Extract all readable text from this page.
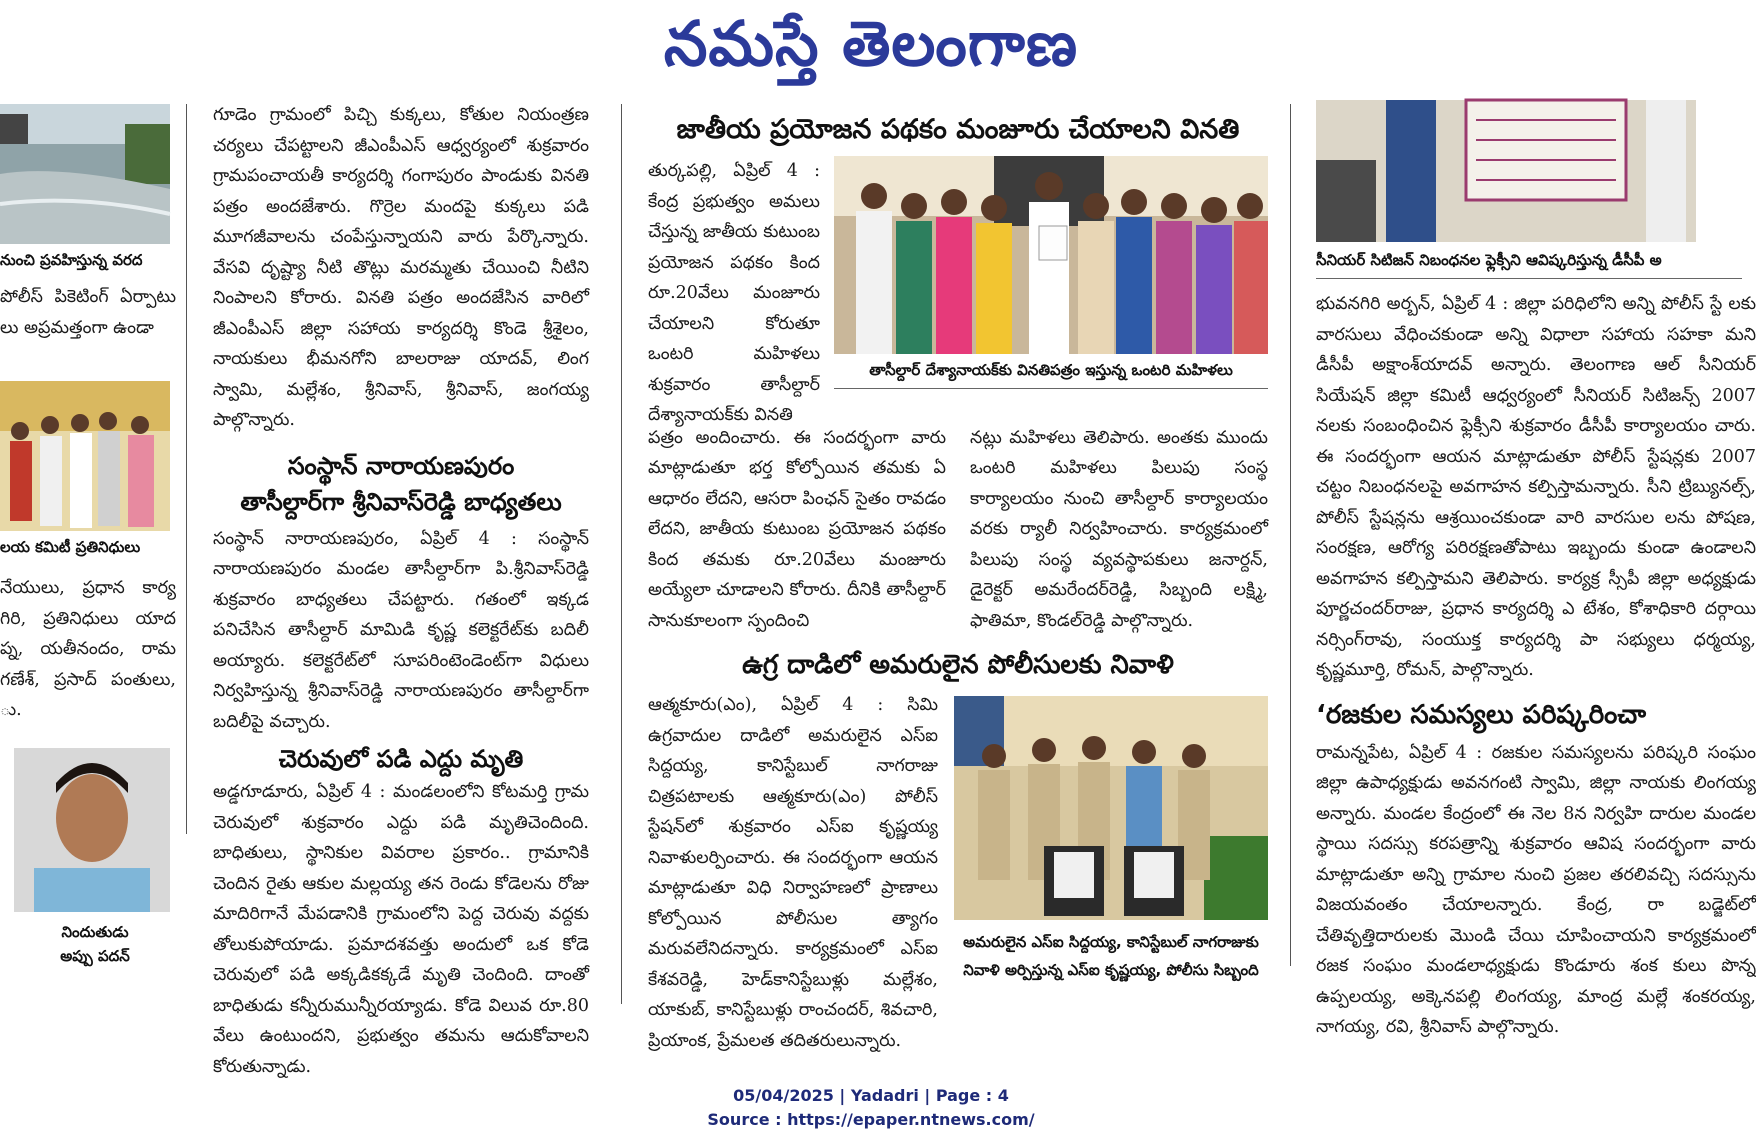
నమస్తే తెలంగాణ
నుంచి ప్రవహిస్తున్న వరద

పోలీస్ పికెటింగ్ ఏర్పాటు లు అప్రమత్తంగా ఉండా

లయ కమిటీ ప్రతినిధులు

నేయులు, ప్రధాన కార్య గిరి, ప్రతినిధులు యాద ప్న, యతీనందం, రామ గణేశ్, ప్రసాద్ పంతులు, ు.

నిందుతుడు
అప్పు పదన్

గూడెం గ్రామంలో పిచ్చి కుక్కలు, కోతుల నియంత్రణ చర్యలు చేపట్టాలని జీఎంపీఎస్ ఆధ్వర్యంలో శుక్రవారం గ్రామపంచాయతీ కార్యదర్శి గంగాపురం పాండుకు వినతి పత్రం అందజేశారు. గొర్రెల మందపై కుక్కలు పడి మూగజీవాలను చంపేస్తున్నాయని వారు పేర్కొన్నారు. వేసవి దృష్ట్యా నీటి తొట్లు మరమ్మతు చేయించి నీటిని నింపాలని కోరారు. వినతి పత్రం అందజేసిన వారిలో జీఎంపీఎస్ జిల్లా సహాయ కార్యదర్శి కొండె శ్రీశైలం, నాయకులు భీమనగోని బాలరాజు యాదవ్, లింగ స్వామి, మల్లేశం, శ్రీనివాస్, శ్రీనివాస్, జంగయ్య పాల్గొన్నారు.

సంస్థాన్ నారాయణపురం
తాసీల్దార్‌గా శ్రీనివాస్‌రెడ్డి బాధ్యతలు

సంస్థాన్ నారాయణపురం, ఏప్రిల్ 4 : సంస్థాన్ నారాయణపురం మండల తాసీల్దార్‌గా పి.శ్రీనివాస్‌రెడ్డి శుక్రవారం బాధ్యతలు చేపట్టారు. గతంలో ఇక్కడ పనిచేసిన తాసీల్దార్ మామిడి కృష్ణ కలెక్టరేట్‌కు బదిలీ అయ్యారు. కలెక్టరేట్‌లో సూపరింటెండెంట్‌గా విధులు నిర్వహిస్తున్న శ్రీనివాస్‌రెడ్డి నారాయణపురం తాసీల్దార్‌గా బదిలీపై వచ్చారు.

చెరువులో పడి ఎద్దు మృతి

అడ్డగూడూరు, ఏప్రిల్ 4 : మండలంలోని కోటమర్తి గ్రామ చెరువులో శుక్రవారం ఎద్దు పడి మృతిచెందింది. బాధితులు, స్థానికుల వివరాల ప్రకారం.. గ్రామానికి చెందిన రైతు ఆకుల మల్లయ్య తన రెండు కోడెలను రోజు మాదిరిగానే మేపడానికి గ్రామంలోని పెద్ద చెరువు వద్దకు తోలుకుపోయాడు. ప్రమాదశవత్తు అందులో ఒక కోడె చెరువులో పడి అక్కడికక్కడే మృతి చెందింది. దాంతో బాధితుడు కన్నీరుమున్నీరయ్యాడు. కోడె విలువ రూ.80 వేలు ఉంటుందని, ప్రభుత్వం తమను ఆదుకోవాలని కోరుతున్నాడు.

జాతీయ ప్రయోజన పథకం మంజూరు చేయాలని వినతి

తుర్కపల్లి, ఏప్రిల్ 4 : కేంద్ర ప్రభుత్వం అమలు చేస్తున్న జాతీయ కుటుంబ ప్రయోజన పథకం కింద రూ.20వేలు మంజూరు చేయాలని కోరుతూ ఒంటరి మహిళలు శుక్రవారం తాసీల్దార్ దేశ్యానాయక్‌కు వినతి

తాసీల్దార్ దేశ్యానాయక్‌కు వినతిపత్రం ఇస్తున్న ఒంటరి మహిళలు

పత్రం అందించారు. ఈ సందర్భంగా వారు మాట్లాడుతూ భర్త కోల్పోయిన తమకు ఏ ఆధారం లేదని, ఆసరా పింఛన్ సైతం రావడం లేదని, జాతీయ కుటుంబ ప్రయోజన పథకం కింద తమకు రూ.20వేలు మంజూరు అయ్యేలా చూడాలని కోరారు. దీనికి తాసీల్దార్ సానుకూలంగా స్పందించి

నట్లు మహిళలు తెలిపారు. అంతకు ముందు ఒంటరి మహిళలు పిలుపు సంస్థ కార్యాలయం నుంచి తాసీల్దార్ కార్యాలయం వరకు ర్యాలీ నిర్వహించారు. కార్యక్రమంలో పిలుపు సంస్థ వ్యవస్థాపకులు జనార్దన్, డైరెక్టర్ అమరేందర్‌రెడ్డి, సిబ్బంది లక్ష్మి, ఫాతిమా, కొండల్‌రెడ్డి పాల్గొన్నారు.

ఉగ్ర దాడిలో అమరులైన పోలీసులకు నివాళి

ఆత్మకూరు(ఎం), ఏప్రిల్ 4 : సిమి ఉగ్రవాదుల దాడిలో అమరులైన ఎస్ఐ సిద్దయ్య, కానిస్టేబుల్ నాగరాజు చిత్రపటాలకు ఆత్మకూరు(ఎం) పోలీస్ స్టేషన్‌లో శుక్రవారం ఎస్ఐ కృష్ణయ్య నివాళులర్పించారు. ఈ సందర్భంగా ఆయన మాట్లాడుతూ విధి నిర్వాహణలో ప్రాణాలు కోల్పోయిన పోలీసుల త్యాగం మరువలేనిదన్నారు. కార్యక్రమంలో ఎస్ఐ కేశవరెడ్డి, హెడ్‌కానిస్టేబుళ్లు మల్లేశం, యాకుబ్, కానిస్టేబుళ్లు రాంచందర్, శివచారి, ప్రియాంక, ప్రేమలత తదితరులున్నారు.

అమరులైన ఎస్ఐ సిద్దయ్య, కానిస్టేబుల్ నాగరాజుకు నివాళి అర్పిస్తున్న ఎస్ఐ కృష్ణయ్య, పోలీసు సిబ్బంది
సీనియర్ సిటిజన్ నిబంధనల ఫ్లెక్సీని ఆవిష్కరిస్తున్న డీసీపీ అ

భువనగిరి అర్బన్, ఏప్రిల్ 4 : జిల్లా పరిధిలోని అన్ని పోలీస్ స్టే లకు వారసులు వేధించకుండా అన్ని విధాలా సహాయ సహకా మని డీసీపీ అక్షాంశ్‌యాదవ్ అన్నారు. తెలంగాణ ఆల్ సీనియర్ సియేషన్ జిల్లా కమిటీ ఆధ్వర్యంలో సీనియర్ సిటిజన్స్ 2007 నలకు సంబంధించిన ఫ్లెక్సీని శుక్రవారం డీసీపీ కార్యాలయం చారు. ఈ సందర్భంగా ఆయన మాట్లాడుతూ పోలీస్ స్టేషన్లకు 2007 చట్టం నిబంధనలపై అవగాహన కల్పిస్తామన్నారు. సీని ట్రిబ్యునల్స్, పోలీస్ స్టేషన్లను ఆశ్రయించకుండా వారి వారసుల లను పోషణ, సంరక్షణ, ఆరోగ్య పరిరక్షణతోపాటు ఇబ్బందు కుండా ఉండాలని అవగాహన కల్పిస్తామని తెలిపారు. కార్యక్ర స్సీపీ జిల్లా అధ్యక్షుడు పూర్ణచందర్‌రాజు, ప్రధాన కార్యదర్శి ఎ టేశం, కోశాధికారి దర్గాయి నర్సింగ్‌రావు, సంయుక్త కార్యదర్శి పా సభ్యులు ధర్మయ్య, కృష్ణమూర్తి, రోమన్, పాల్గొన్నారు.

‘రజకుల సమస్యలు పరిష్కరించా

రామన్నపేట, ఏప్రిల్ 4 : రజకుల సమస్యలను పరిష్కరి సంఘం జిల్లా ఉపాధ్యక్షుడు అవనగంటి స్వామి, జిల్లా నాయకు లింగయ్య అన్నారు. మండల కేంద్రంలో ఈ నెల 8న నిర్వహి దారుల మండల స్థాయి సదస్సు కరపత్రాన్ని శుక్రవారం ఆవిష సందర్భంగా వారు మాట్లాడుతూ అన్ని గ్రామాల నుంచి ప్రజల తరలివచ్చి సదస్సును విజయవంతం చేయాలన్నారు. కేంద్ర, రా బడ్జెట్‌లో చేతివృత్తిదారులకు మొండి చేయి చూపించాయని కార్యక్రమంలో రజక సంఘం మండలాధ్యక్షుడు కొండూరు శంక కులు పొన్న ఉప్పలయ్య, అక్కెనపల్లి లింగయ్య, మాంద్ర మల్లే శంకరయ్య, నాగయ్య, రవి, శ్రీనివాస్ పాల్గొన్నారు.

05/04/2025 | Yadadri | Page : 4
Source : https://epaper.ntnews.com/
